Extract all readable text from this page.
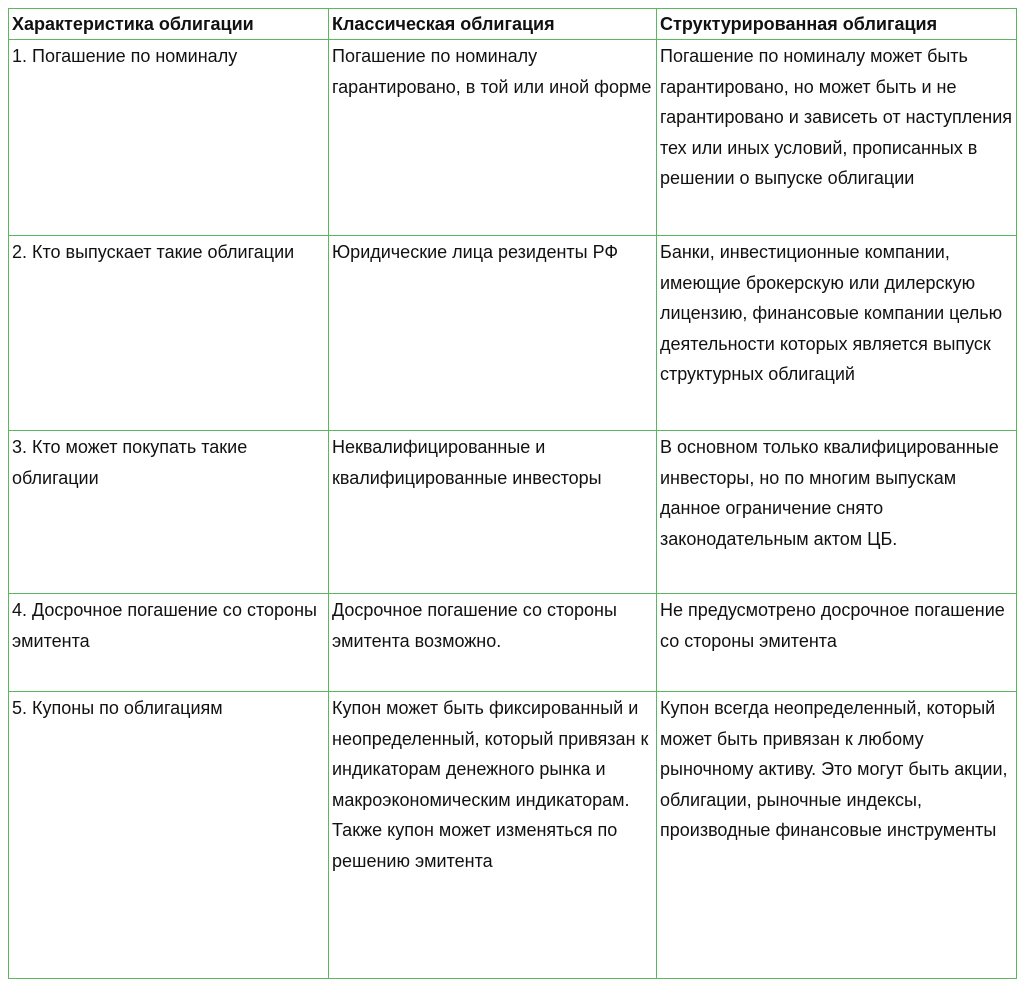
Характеристика облигации	Классическая облигация	Структурированная облигация

1. Погашение по номиналу	Погашение по номиналу гарантировано, в той или иной форме	Погашение по номиналу может быть гарантировано, но может быть и не гарантировано и зависеть от наступления тех или иных условий, прописанных в решении о выпуске облигации

2. Кто выпускает такие облигации	Юридические лица резиденты РФ	Банки, инвестиционные компании, имеющие брокерскую или дилерскую лицензию, финансовые компании целью деятельности которых является выпуск структурных облигаций

3. Кто может покупать такие облигации	Неквалифицированные и квалифицированные инвесторы	В основном только квалифицированные инвесторы, но по многим выпускам данное ограничение снято законодательным актом ЦБ.

4. Досрочное погашение со стороны эмитента	Досрочное погашение со стороны эмитента возможно.	Не предусмотрено досрочное погашение со стороны эмитента

5. Купоны по облигациям	Купон может быть фиксированный и неопределенный, который привязан к индикаторам денежного рынка и макроэкономическим индикаторам. Также купон может изменяться по решению эмитента	Купон всегда неопределенный, который может быть привязан к любому рыночному активу. Это могут быть акции, облигации, рыночные индексы, производные финансовые инструменты
